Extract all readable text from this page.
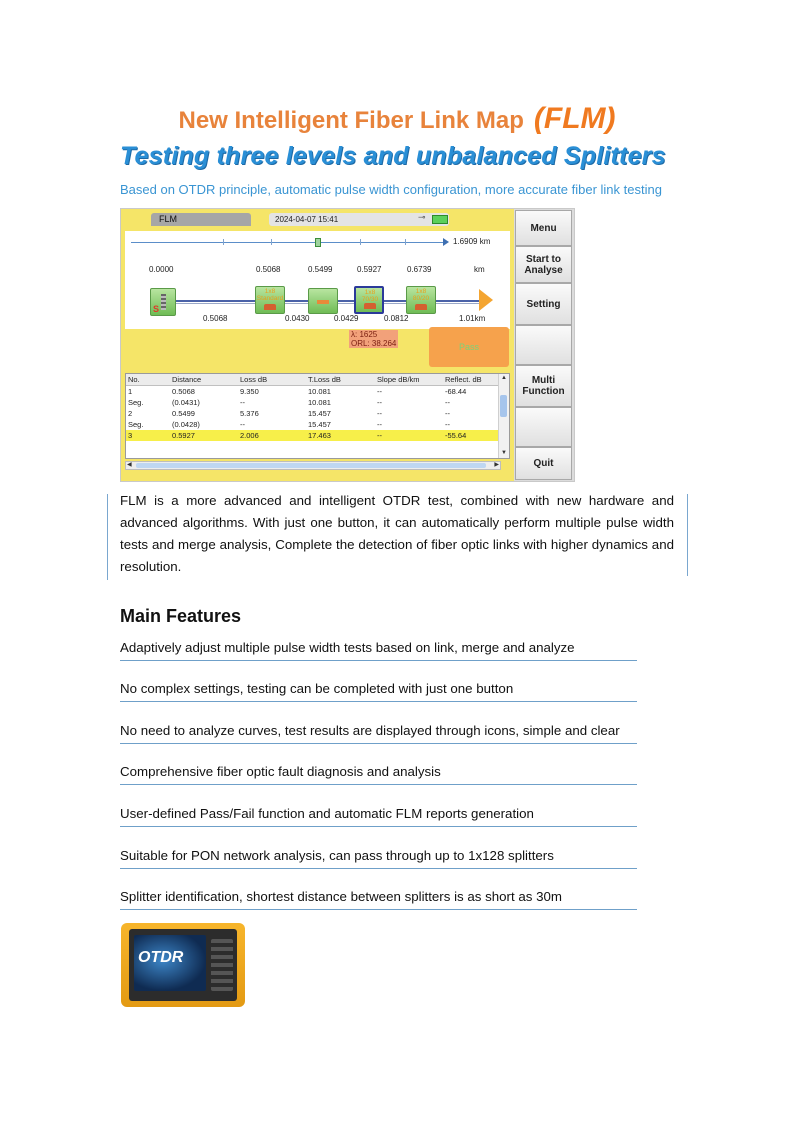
New Intelligent Fiber Link Map (FLM)
Testing three levels and unbalanced Splitters
Based on OTDR principle, automatic pulse width configuration, more accurate fiber link testing
FLM	2024-04-07 15:41	⊸
1.6909 km
0.0000	0.5068	0.5499	0.5927	0.6739	km
S
1x8
Standard
1x8
70/30
1x8
80/20
0.5068	0.0430	0.0429	0.0812	1.01km
λ: 1625
ORL: 38.264	Pass
No.	Distance	Loss dB	T.Loss dB	Slope dB/km	Reflect. dB
1	0.5068	9.350	10.081	--	-68.44
Seg.	(0.0431)	--	10.081	--	--
2	0.5499	5.376	15.457	--	--
Seg.	(0.0428)	--	15.457	--	--
3	0.5927	2.006	17.463	--	-55.64
▲
▼
◀	▶
Menu
Start to Analyse
Setting
Multi Function
Quit
FLM is a more advanced and intelligent OTDR test, combined with new hardware and advanced algorithms. With just one button, it can automatically perform multiple pulse width tests and merge analysis, Complete the detection of fiber optic links with higher dynamics and resolution.
Main Features
Adaptively adjust multiple pulse width tests based on link, merge and analyze
No complex settings, testing can be completed with just one button
No need to analyze curves, test results are displayed through icons, simple and clear
Comprehensive fiber optic fault diagnosis and analysis
User-defined Pass/Fail function and automatic FLM reports generation
Suitable for PON network analysis, can pass through up to 1x128 splitters
Splitter identification, shortest distance between splitters is as short as 30m
OTDR
